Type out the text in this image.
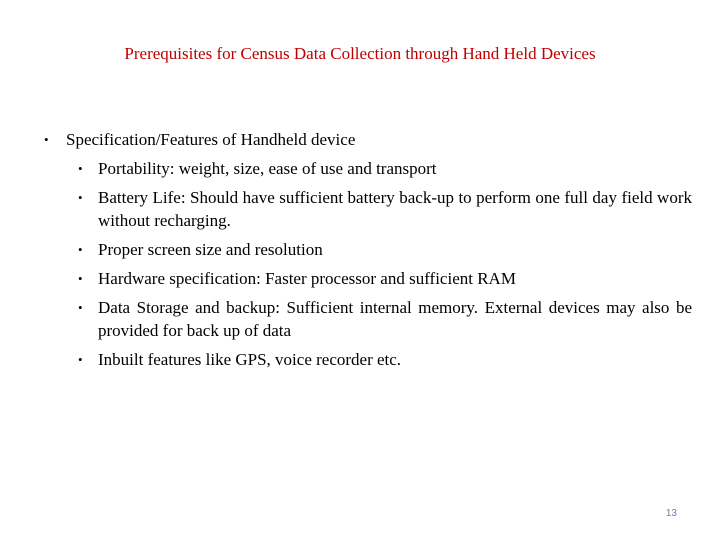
Prerequisites for Census Data Collection through Hand Held Devices
• Specification/Features of Handheld device
• Portability: weight, size, ease of use and transport
• Battery Life: Should have sufficient battery back-up to perform one full day field work without recharging.
• Proper screen size and resolution
• Hardware specification: Faster processor and sufficient RAM
• Data Storage and backup: Sufficient internal memory. External devices may also be provided for back up of data
• Inbuilt features like GPS, voice recorder etc.
13
